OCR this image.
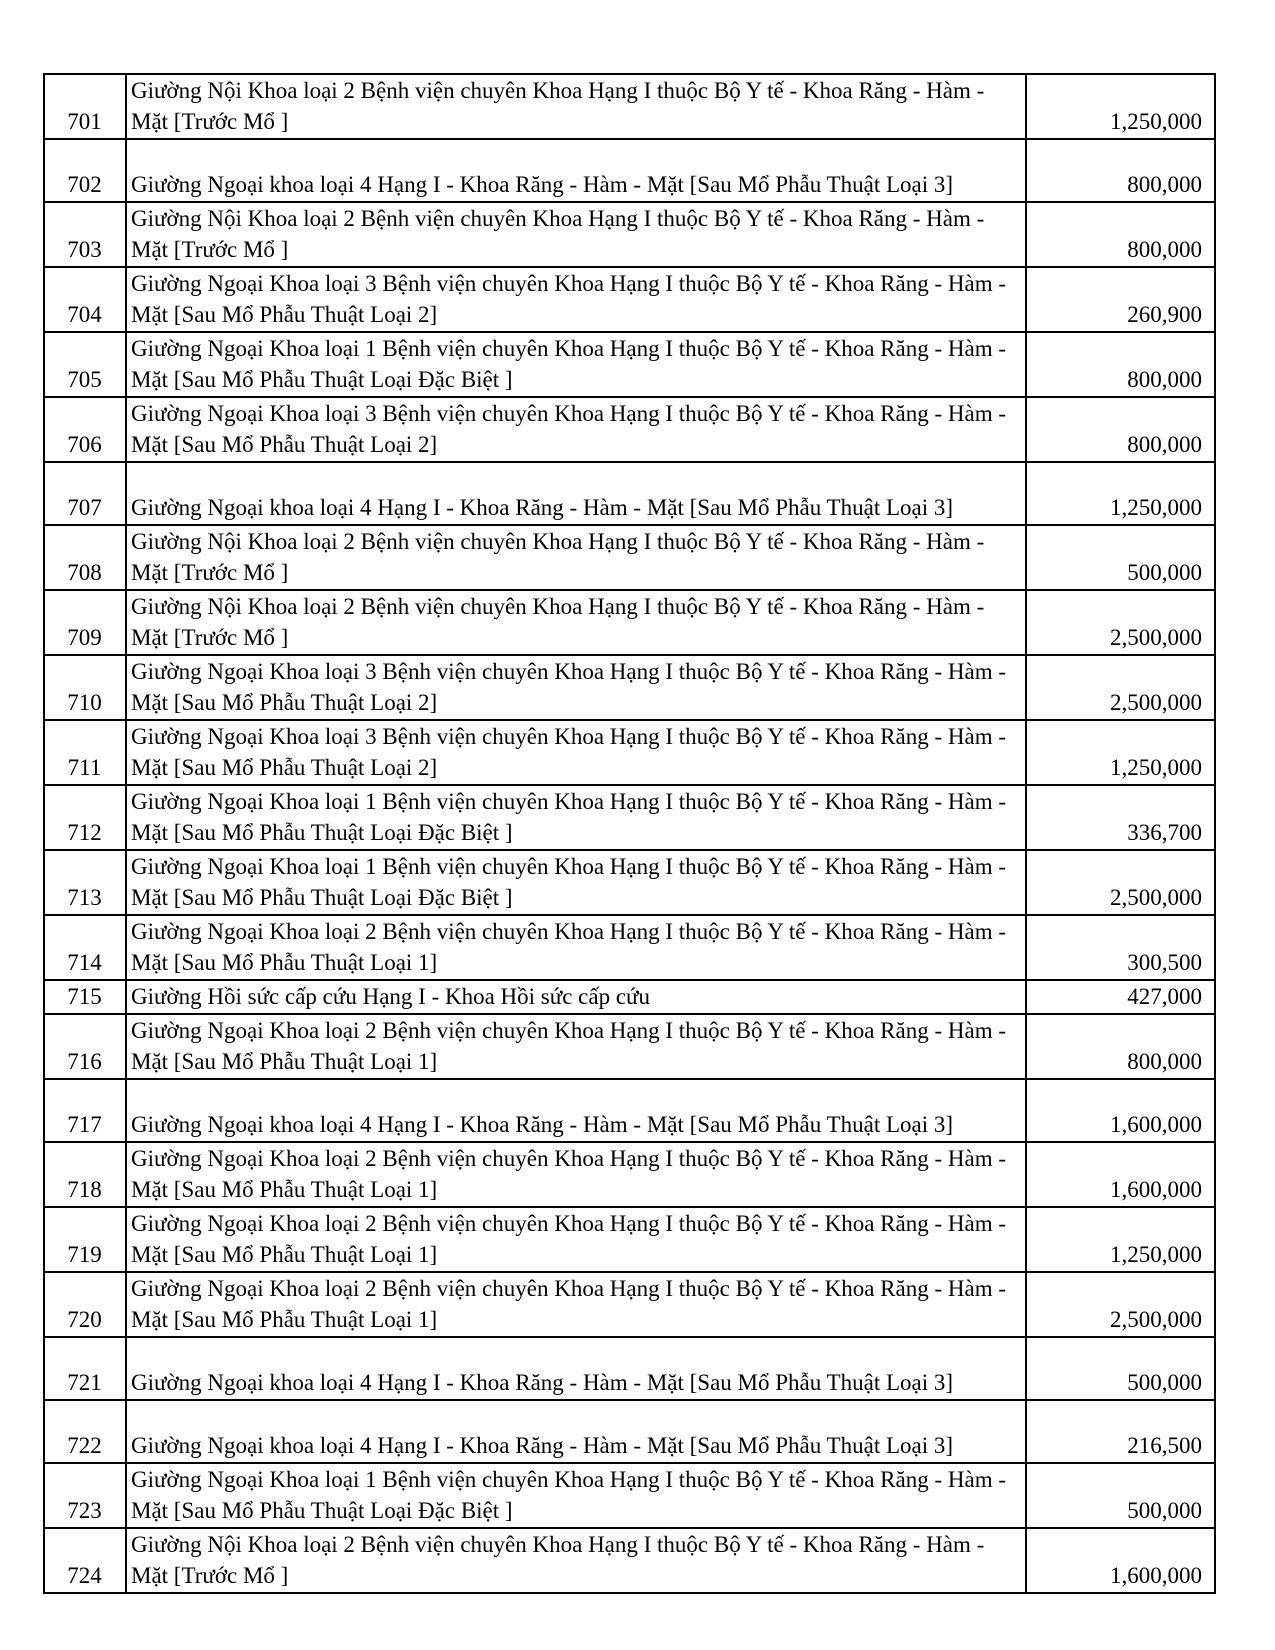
701	Giường Nội Khoa loại 2 Bệnh viện chuyên Khoa Hạng I thuộc Bộ Y tế - Khoa Răng - Hàm - Mặt [Trước Mổ ]	1,250,000
702	Giường Ngoại khoa loại 4 Hạng I - Khoa Răng - Hàm - Mặt [Sau Mổ Phẫu Thuật Loại 3]	800,000
703	Giường Nội Khoa loại 2 Bệnh viện chuyên Khoa Hạng I thuộc Bộ Y tế - Khoa Răng - Hàm - Mặt [Trước Mổ ]	800,000
704	Giường Ngoại Khoa loại 3 Bệnh viện chuyên Khoa Hạng I thuộc Bộ Y tế - Khoa Răng - Hàm - Mặt [Sau Mổ Phẫu Thuật Loại 2]	260,900
705	Giường Ngoại Khoa loại 1 Bệnh viện chuyên Khoa Hạng I thuộc Bộ Y tế - Khoa Răng - Hàm - Mặt [Sau Mổ Phẫu Thuật Loại Đặc Biệt ]	800,000
706	Giường Ngoại Khoa loại 3 Bệnh viện chuyên Khoa Hạng I thuộc Bộ Y tế - Khoa Răng - Hàm - Mặt [Sau Mổ Phẫu Thuật Loại 2]	800,000
707	Giường Ngoại khoa loại 4 Hạng I - Khoa Răng - Hàm - Mặt [Sau Mổ Phẫu Thuật Loại 3]	1,250,000
708	Giường Nội Khoa loại 2 Bệnh viện chuyên Khoa Hạng I thuộc Bộ Y tế - Khoa Răng - Hàm - Mặt [Trước Mổ ]	500,000
709	Giường Nội Khoa loại 2 Bệnh viện chuyên Khoa Hạng I thuộc Bộ Y tế - Khoa Răng - Hàm - Mặt [Trước Mổ ]	2,500,000
710	Giường Ngoại Khoa loại 3 Bệnh viện chuyên Khoa Hạng I thuộc Bộ Y tế - Khoa Răng - Hàm - Mặt [Sau Mổ Phẫu Thuật Loại 2]	2,500,000
711	Giường Ngoại Khoa loại 3 Bệnh viện chuyên Khoa Hạng I thuộc Bộ Y tế - Khoa Răng - Hàm - Mặt [Sau Mổ Phẫu Thuật Loại 2]	1,250,000
712	Giường Ngoại Khoa loại 1 Bệnh viện chuyên Khoa Hạng I thuộc Bộ Y tế - Khoa Răng - Hàm - Mặt [Sau Mổ Phẫu Thuật Loại Đặc Biệt ]	336,700
713	Giường Ngoại Khoa loại 1 Bệnh viện chuyên Khoa Hạng I thuộc Bộ Y tế - Khoa Răng - Hàm - Mặt [Sau Mổ Phẫu Thuật Loại Đặc Biệt ]	2,500,000
714	Giường Ngoại Khoa loại 2 Bệnh viện chuyên Khoa Hạng I thuộc Bộ Y tế - Khoa Răng - Hàm - Mặt [Sau Mổ Phẫu Thuật Loại 1]	300,500
715	Giường Hồi sức cấp cứu Hạng I - Khoa Hồi sức cấp cứu	427,000
716	Giường Ngoại Khoa loại 2 Bệnh viện chuyên Khoa Hạng I thuộc Bộ Y tế - Khoa Răng - Hàm - Mặt [Sau Mổ Phẫu Thuật Loại 1]	800,000
717	Giường Ngoại khoa loại 4 Hạng I - Khoa Răng - Hàm - Mặt [Sau Mổ Phẫu Thuật Loại 3]	1,600,000
718	Giường Ngoại Khoa loại 2 Bệnh viện chuyên Khoa Hạng I thuộc Bộ Y tế - Khoa Răng - Hàm - Mặt [Sau Mổ Phẫu Thuật Loại 1]	1,600,000
719	Giường Ngoại Khoa loại 2 Bệnh viện chuyên Khoa Hạng I thuộc Bộ Y tế - Khoa Răng - Hàm - Mặt [Sau Mổ Phẫu Thuật Loại 1]	1,250,000
720	Giường Ngoại Khoa loại 2 Bệnh viện chuyên Khoa Hạng I thuộc Bộ Y tế - Khoa Răng - Hàm - Mặt [Sau Mổ Phẫu Thuật Loại 1]	2,500,000
721	Giường Ngoại khoa loại 4 Hạng I - Khoa Răng - Hàm - Mặt [Sau Mổ Phẫu Thuật Loại 3]	500,000
722	Giường Ngoại khoa loại 4 Hạng I - Khoa Răng - Hàm - Mặt [Sau Mổ Phẫu Thuật Loại 3]	216,500
723	Giường Ngoại Khoa loại 1 Bệnh viện chuyên Khoa Hạng I thuộc Bộ Y tế - Khoa Răng - Hàm - Mặt [Sau Mổ Phẫu Thuật Loại Đặc Biệt ]	500,000
724	Giường Nội Khoa loại 2 Bệnh viện chuyên Khoa Hạng I thuộc Bộ Y tế - Khoa Răng - Hàm - Mặt [Trước Mổ ]	1,600,000
